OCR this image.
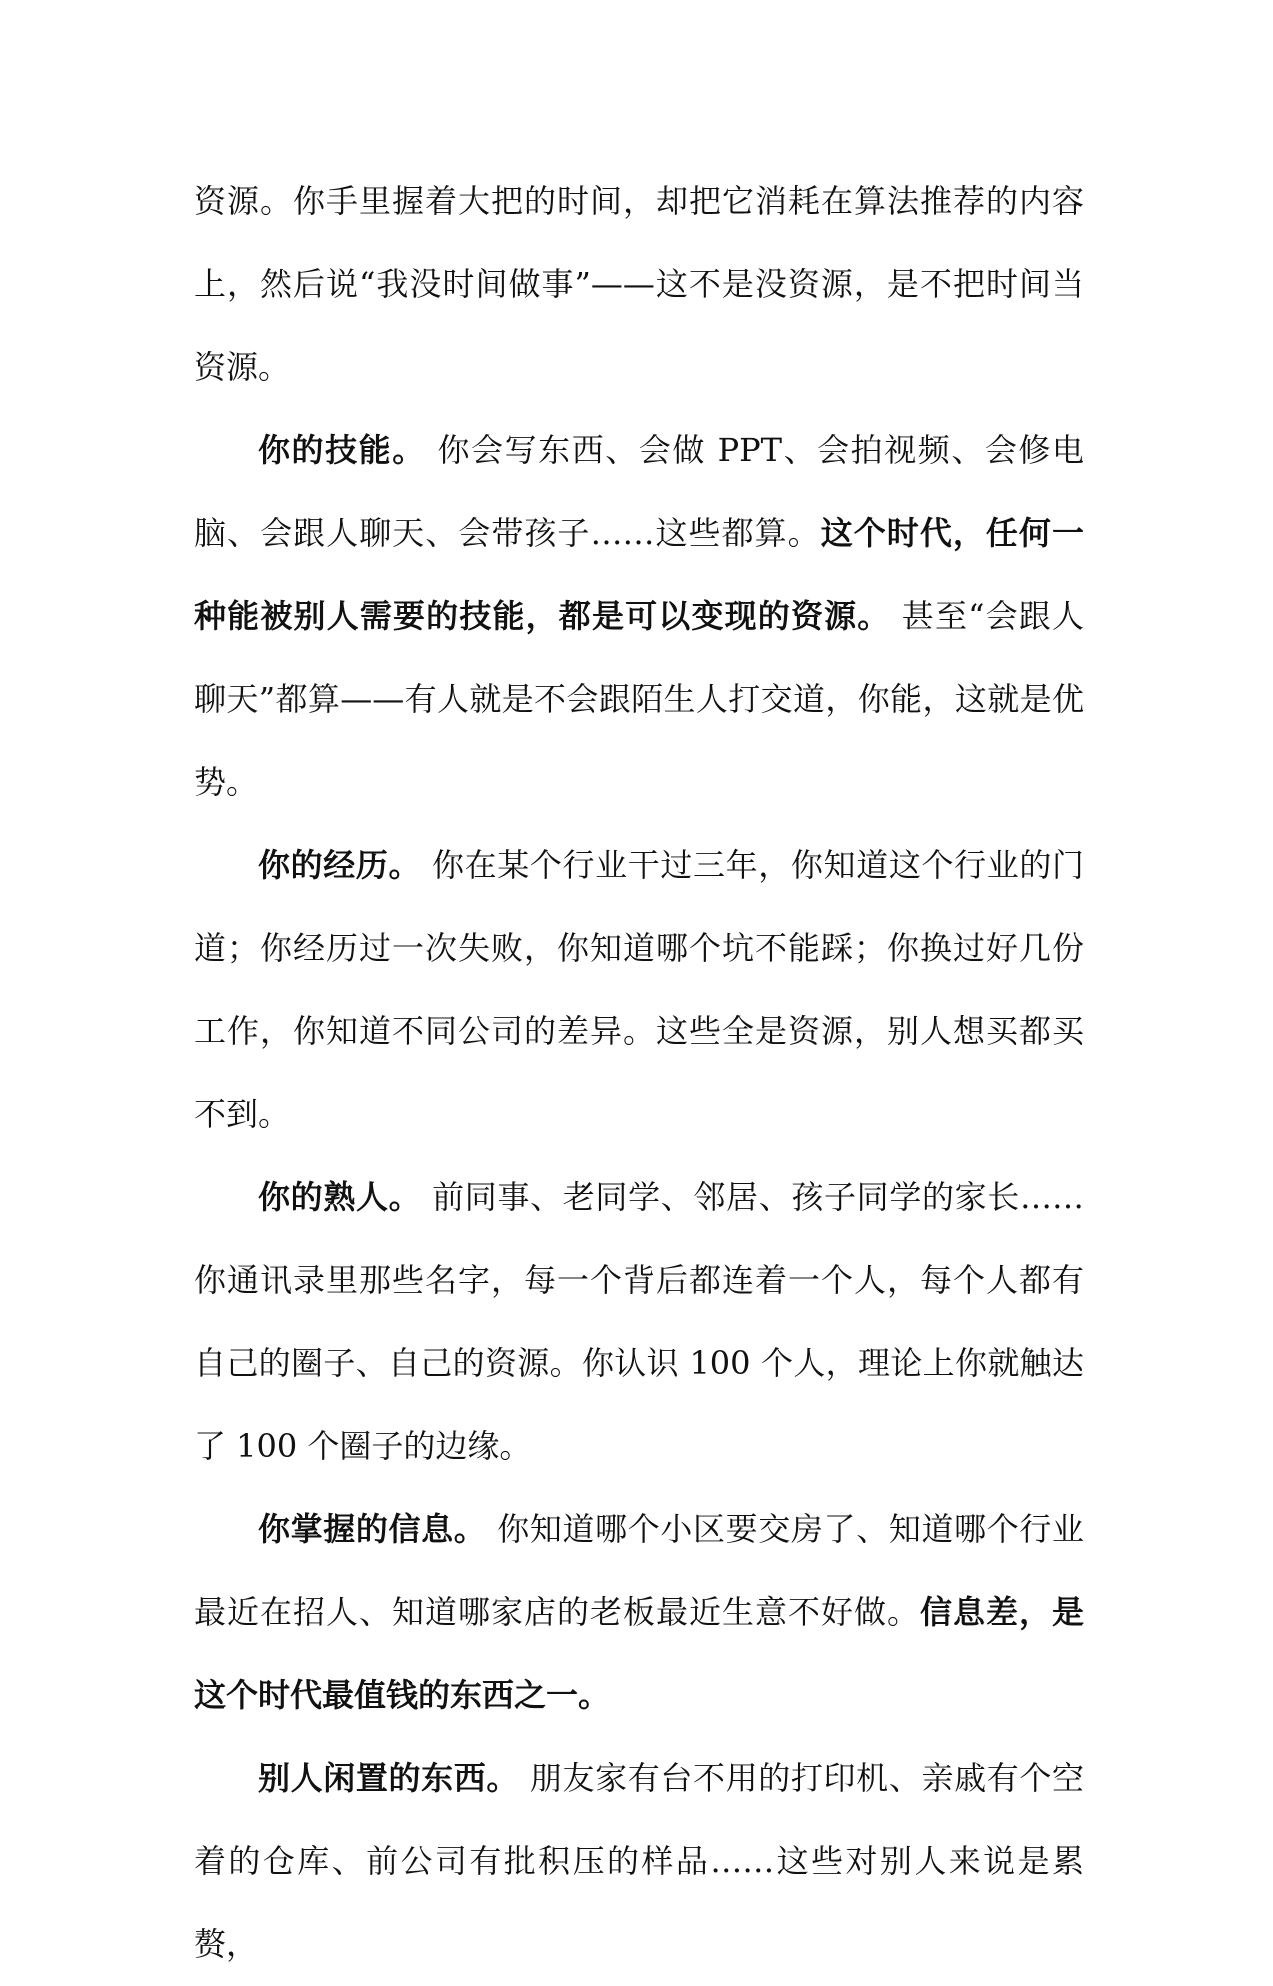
资源。你手里握着大把的时间，却把它消耗在算法推荐的内容上，然后说“我没时间做事”——这不是没资源，是不把时间当资源。

你的技能。 你会写东西、会做 PPT、会拍视频、会修电脑、会跟人聊天、会带孩子……这些都算。这个时代，任何一种能被别人需要的技能，都是可以变现的资源。 甚至“会跟人聊天”都算——有人就是不会跟陌生人打交道，你能，这就是优势。

你的经历。 你在某个行业干过三年，你知道这个行业的门道；你经历过一次失败，你知道哪个坑不能踩；你换过好几份工作，你知道不同公司的差异。这些全是资源，别人想买都买不到。

你的熟人。 前同事、老同学、邻居、孩子同学的家长……你通讯录里那些名字，每一个背后都连着一个人，每个人都有自己的圈子、自己的资源。你认识 100 个人，理论上你就触达了 100 个圈子的边缘。

你掌握的信息。 你知道哪个小区要交房了、知道哪个行业最近在招人、知道哪家店的老板最近生意不好做。信息差，是这个时代最值钱的东西之一。

别人闲置的东西。 朋友家有台不用的打印机、亲戚有个空着的仓库、前公司有批积压的样品……这些对别人来说是累赘，
